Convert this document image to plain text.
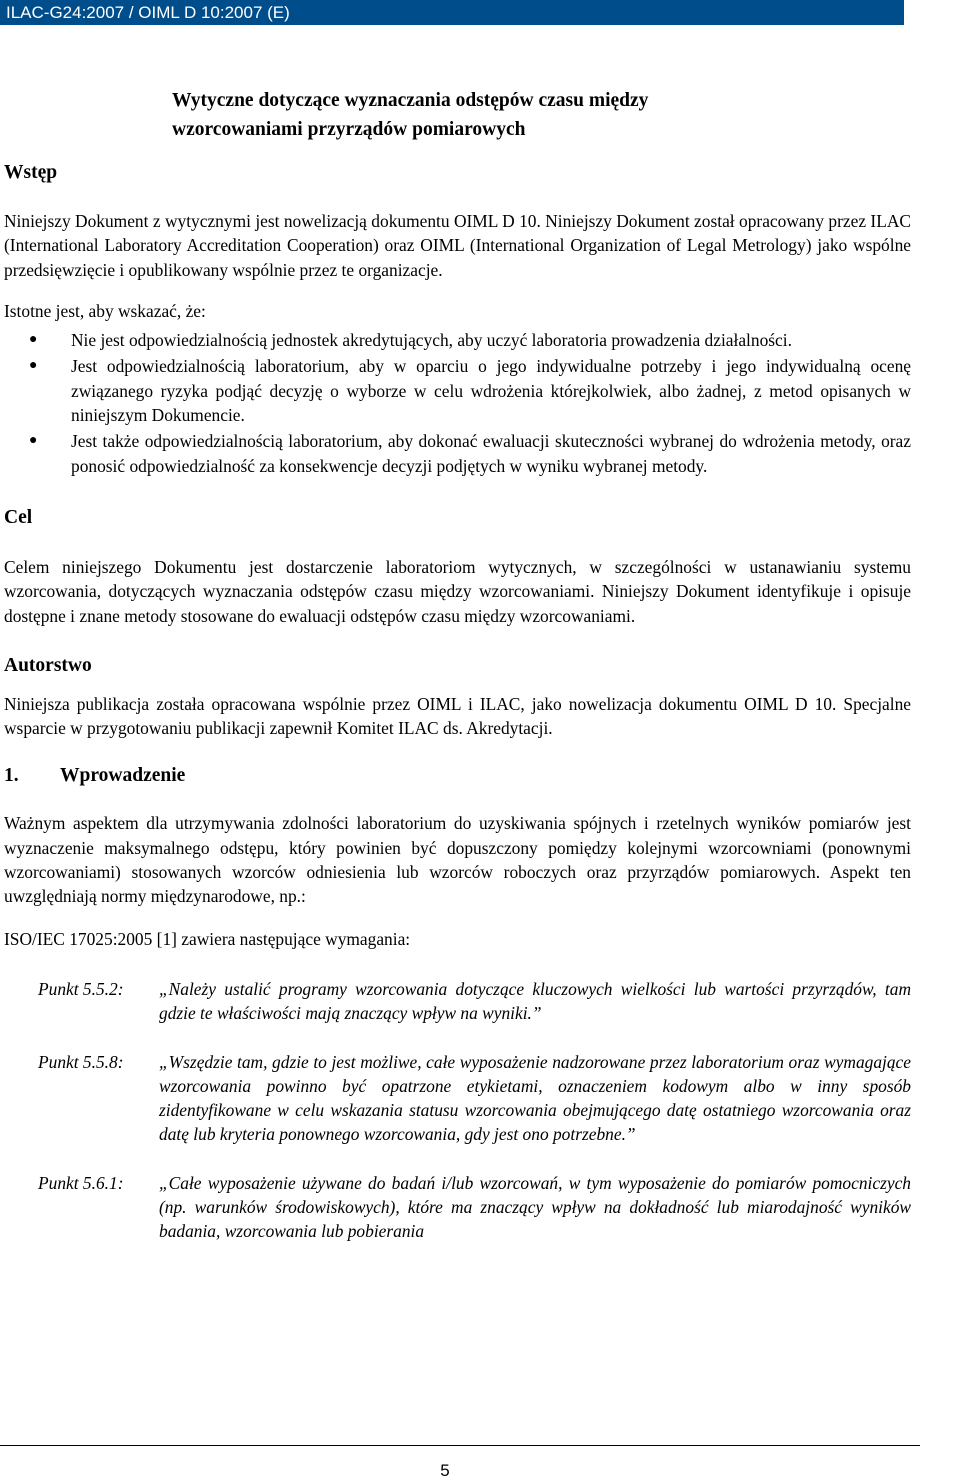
ILAC-G24:2007 / OIML D 10:2007 (E)
Wytyczne dotyczące wyznaczania odstępów czasu między
wzorcowaniami przyrządów pomiarowych
Wstęp

Niniejszy Dokument z wytycznymi jest nowelizacją dokumentu OIML D 10. Niniejszy Dokument został opracowany przez ILAC (International Laboratory Accreditation Cooperation) oraz OIML (International Organization of Legal Metrology) jako wspólne przedsięwzięcie i opublikowany wspólnie przez te organizacje.

Istotne jest, aby wskazać, że:

● Nie jest odpowiedzialnością jednostek akredytujących, aby uczyć laboratoria prowadzenia działalności.
● Jest odpowiedzialnością laboratorium, aby w oparciu o jego indywidualne potrzeby i jego indywidualną ocenę związanego ryzyka podjąć decyzję o wyborze w celu wdrożenia którejkolwiek, albo żadnej, z metod opisanych w niniejszym Dokumencie.
● Jest także odpowiedzialnością laboratorium, aby dokonać ewaluacji skuteczności wybranej do wdrożenia metody, oraz ponosić odpowiedzialność za konsekwencje decyzji podjętych w wyniku wybranej metody.
Cel

Celem niniejszego Dokumentu jest dostarczenie laboratoriom wytycznych, w szczególności w ustanawianiu systemu wzorcowania, dotyczących wyznaczania odstępów czasu między wzorcowaniami. Niniejszy Dokument identyfikuje i opisuje dostępne i znane metody stosowane do ewaluacji odstępów czasu między wzorcowaniami.

Autorstwo

Niniejsza publikacja została opracowana wspólnie przez OIML i ILAC, jako nowelizacja dokumentu OIML D 10. Specjalne wsparcie w przygotowaniu publikacji zapewnił Komitet ILAC ds. Akredytacji.

1. Wprowadzenie

Ważnym aspektem dla utrzymywania zdolności laboratorium do uzyskiwania spójnych i rzetelnych wyników pomiarów jest wyznaczenie maksymalnego odstępu, który powinien być dopuszczony pomiędzy kolejnymi wzorcowniami (ponownymi wzorcowaniami) stosowanych wzorców odniesienia lub wzorców roboczych oraz przyrządów pomiarowych. Aspekt ten uwzględniają normy międzynarodowe, np.:

ISO/IEC 17025:2005 [1] zawiera następujące wymagania:

Punkt 5.5.2: „Należy ustalić programy wzorcowania dotyczące kluczowych wielkości lub wartości przyrządów, tam gdzie te właściwości mają znaczący wpływ na wyniki.”
Punkt 5.5.8: „Wszędzie tam, gdzie to jest możliwe, całe wyposażenie nadzorowane przez laboratorium oraz wymagające wzorcowania powinno być opatrzone etykietami, oznaczeniem kodowym albo w inny sposób zidentyfikowane w celu wskazania statusu wzorcowania obejmującego datę ostatniego wzorcowania oraz datę lub kryteria ponownego wzorcowania, gdy jest ono potrzebne.”
Punkt 5.6.1: „Całe wyposażenie używane do badań i/lub wzorcowań, w tym wyposażenie do pomiarów pomocniczych (np. warunków środowiskowych), które ma znaczący wpływ na dokładność lub miarodajność wyników badania, wzorcowania lub pobierania
5
